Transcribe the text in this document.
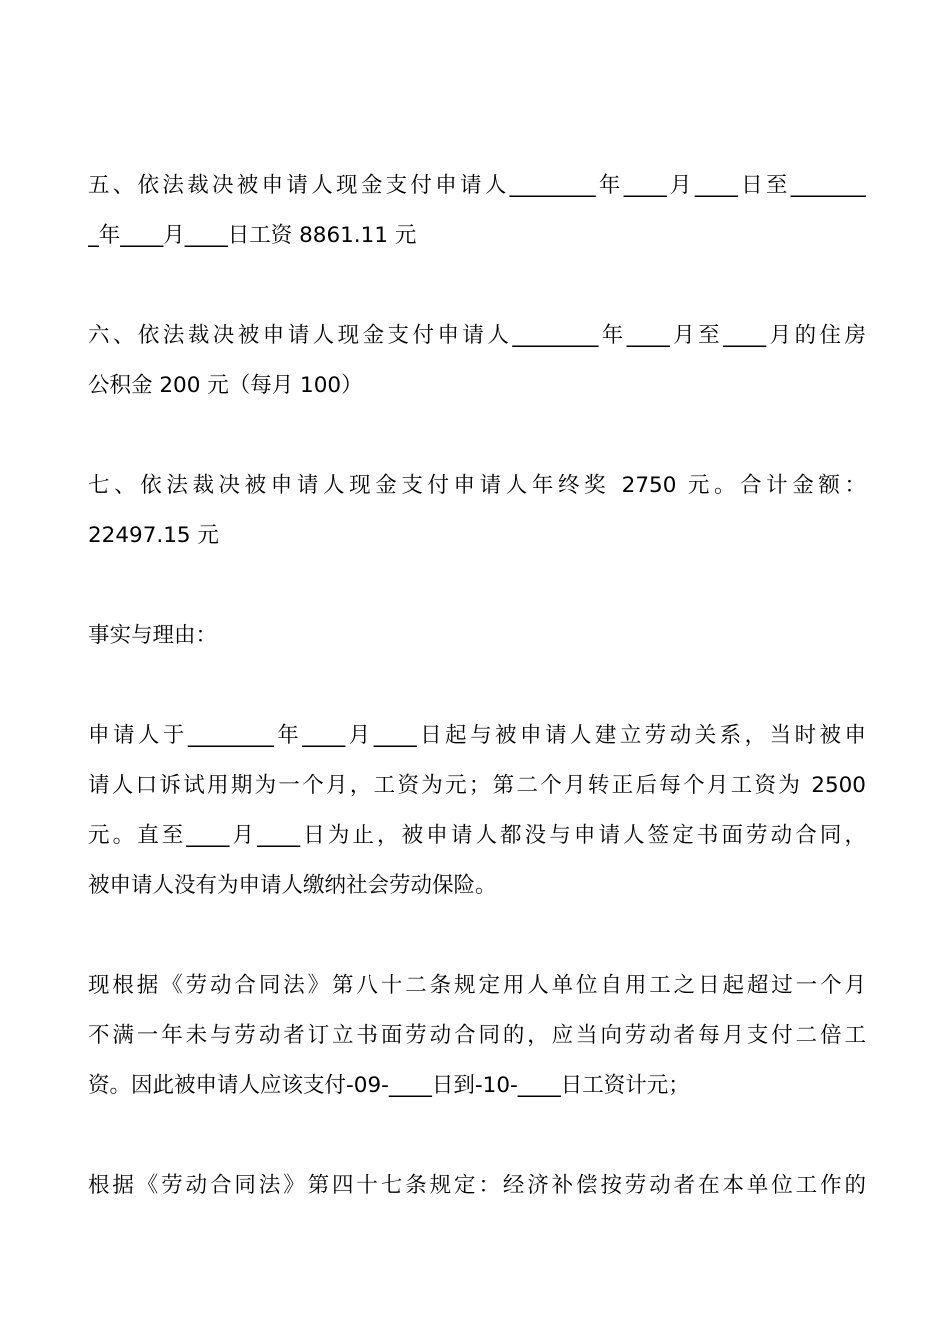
五、依法裁决被申请人现金支付申请人________年____月____日至_______
_年____月____日工资 8861.11 元
六、依法裁决被申请人现金支付申请人________年____月至____月的住房
公积金 200 元（每月 100）
七、依法裁决被申请人现金支付申请人年终奖 2750 元。合计金额：
22497.15 元
事实与理由：
申请人于________年____月____日起与被申请人建立劳动关系，当时被申
请人口诉试用期为一个月，工资为元；第二个月转正后每个月工资为 2500
元。直至____月____日为止，被申请人都没与申请人签定书面劳动合同，
被申请人没有为申请人缴纳社会劳动保险。
现根据《劳动合同法》第八十二条规定用人单位自用工之日起超过一个月
不满一年未与劳动者订立书面劳动合同的，应当向劳动者每月支付二倍工
资。因此被申请人应该支付-09-____日到-10-____日工资计元；
根据《劳动合同法》第四十七条规定：经济补偿按劳动者在本单位工作的
